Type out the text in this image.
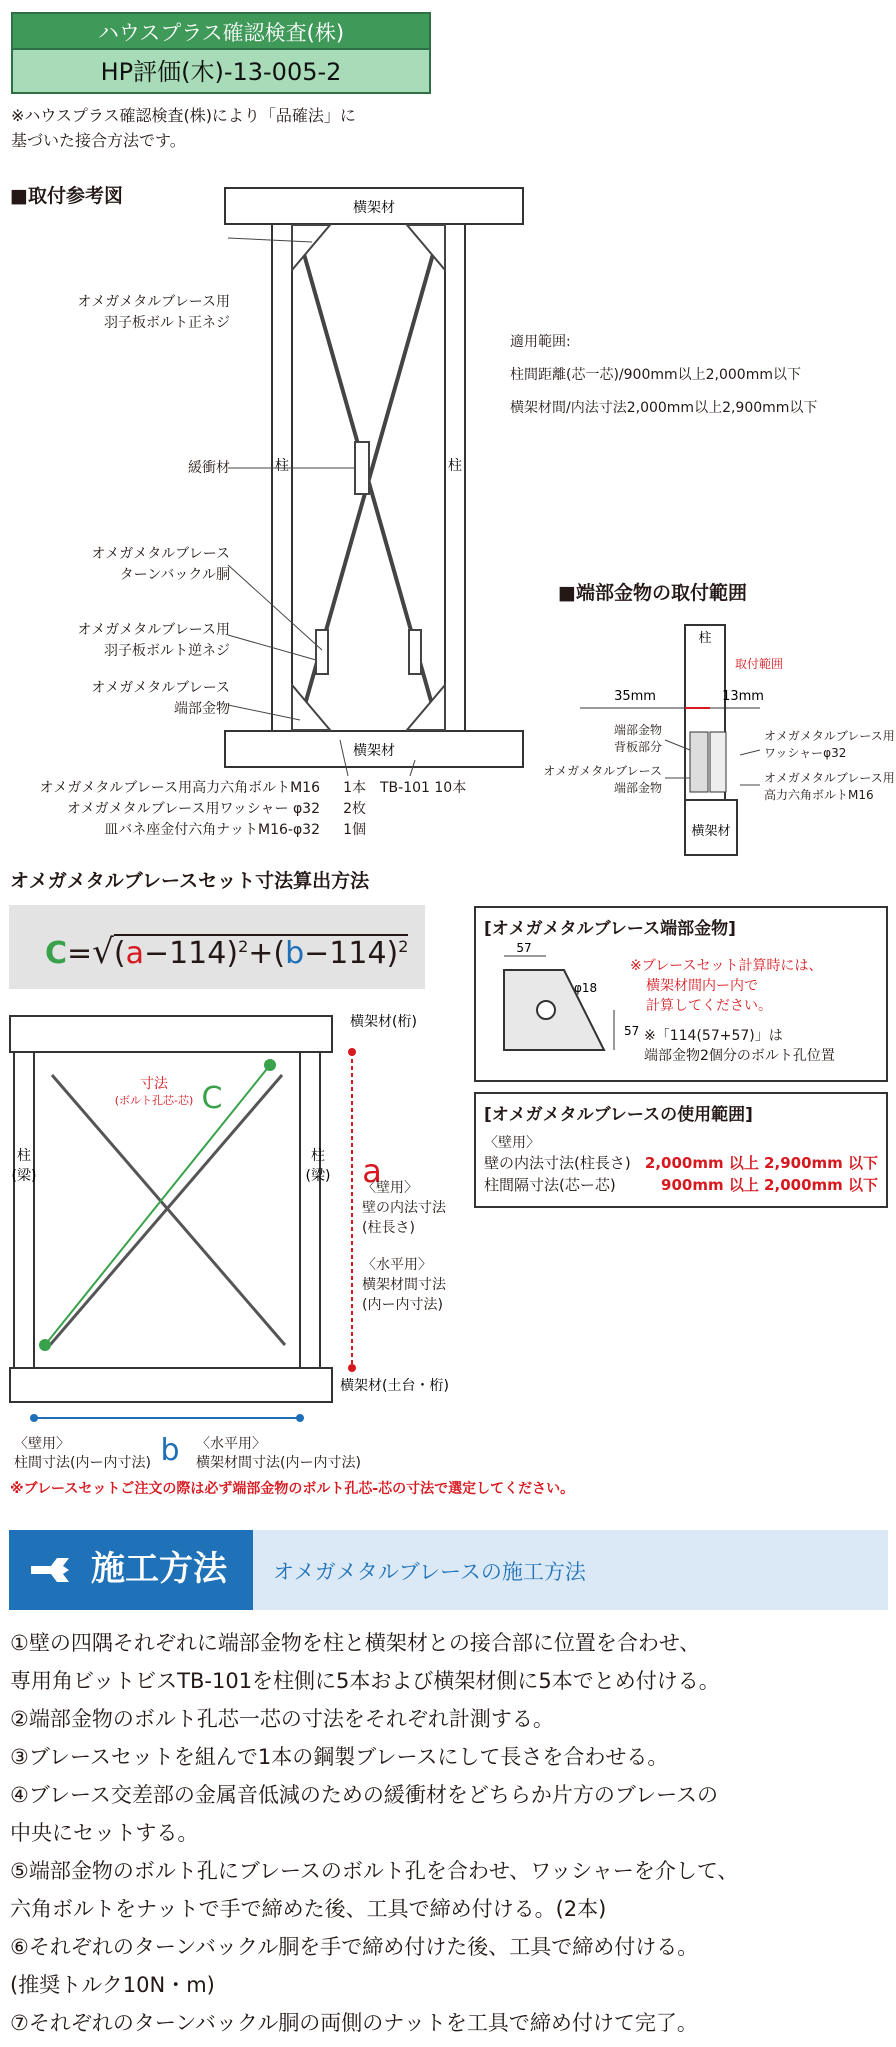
ハウスプラス確認検査(株)
HP評価(木)-13-005-2
※ハウスプラス確認検査(株)により「品確法」に
基づいた接合方法です。
■取付参考図
横架材
横架材
柱	柱
オメガメタルブレース用
羽子板ボルト正ネジ
緩衝材
オメガメタルブレース
ターンバックル胴
オメガメタルブレース用
羽子板ボルト逆ネジ
オメガメタルブレース
端部金物
オメガメタルブレース用高力六角ボルトM16	1本
オメガメタルブレース用ワッシャー φ32	2枚
皿バネ座金付六角ナットM16-φ32	1個
TB-101 10本
適用範囲:
柱間距離(芯一芯)/900mm以上2,000mm以下
横架材間/内法寸法2,000mm以上2,900mm以下
■端部金物の取付範囲
柱
取付範囲
35mm	13mm
横架材
端部金物
背板部分
オメガメタルブレース
端部金物
オメガメタルブレース用
ワッシャーφ32
オメガメタルブレース用
高力六角ボルトM16
オメガメタルブレースセット寸法算出方法
$C=√(a-114)^2+(b-114)^2$
横架材(桁)
横架材(土台・桁)
柱
(梁)
柱
(梁)
寸法
(ボルト孔芯-芯) C
a
b
〈壁用〉
壁の内法寸法
(柱長さ)
〈水平用〉
横架材間寸法
(内ー内寸法)
〈壁用〉
柱間寸法(内ー内寸法)
〈水平用〉
横架材間寸法(内ー内寸法)
[オメガメタルブレース端部金物]
57
57
φ18
※ブレースセット計算時には、
横架材間内ー内で
計算してください。
※「114(57+57)」は
端部金物2個分のボルト孔位置
[オメガメタルブレースの使用範囲]
〈壁用〉
壁の内法寸法(柱長さ) 2,000mm 以上 2,900mm 以下
柱間隔寸法(芯ー芯)	900mm 以上 2,000mm 以下
※ブレースセットご注文の際は必ず端部金物のボルト孔芯-芯の寸法で選定してください。
施工方法 オメガメタルブレースの施工方法
①壁の四隅それぞれに端部金物を柱と横架材との接合部に位置を合わせ、
専用角ビットビスTB-101を柱側に5本および横架材側に5本でとめ付ける。
②端部金物のボルト孔芯一芯の寸法をそれぞれ計測する。
③ブレースセットを組んで1本の鋼製ブレースにして長さを合わせる。
④ブレース交差部の金属音低減のための緩衝材をどちらか片方のブレースの
中央にセットする。
⑤端部金物のボルト孔にブレースのボルト孔を合わせ、ワッシャーを介して、
六角ボルトをナットで手で締めた後、工具で締め付ける。(2本)
⑥それぞれのターンバックル胴を手で締め付けた後、工具で締め付ける。
(推奨トルク10N・m)
⑦それぞれのターンバックル胴の両側のナットを工具で締め付けて完了。
